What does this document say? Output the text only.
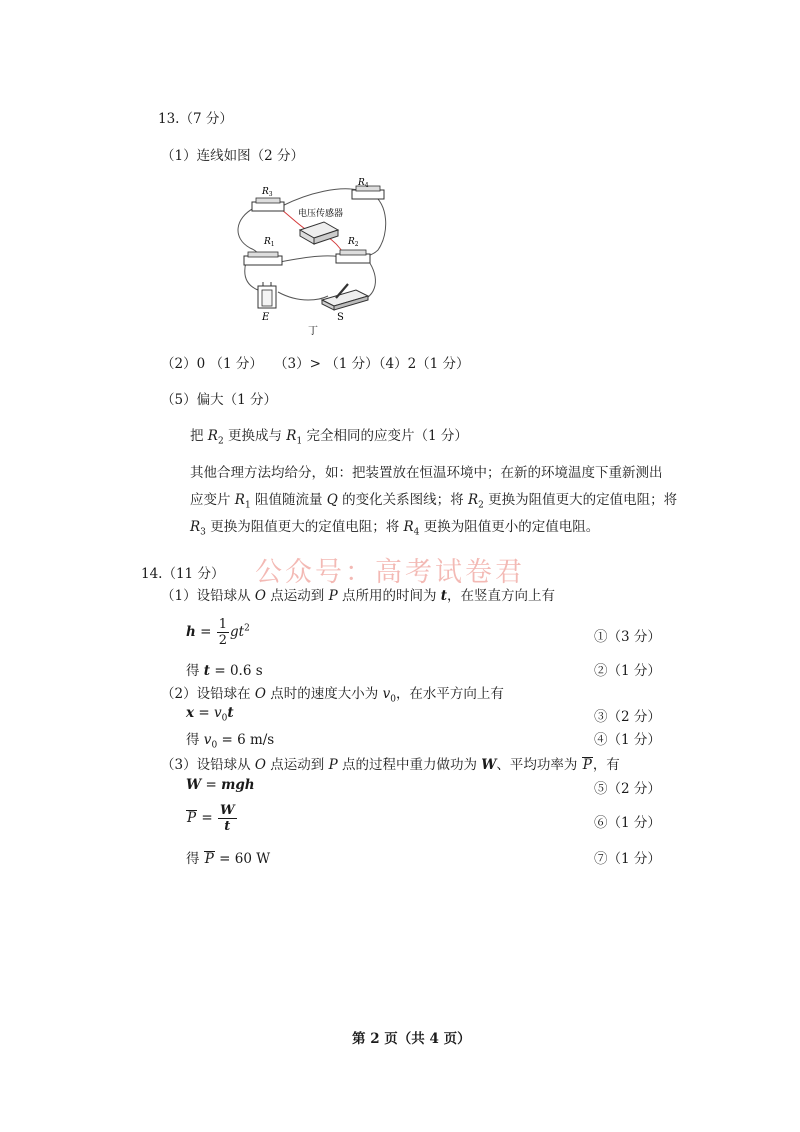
13.（7 分）
（1）连线如图（2 分）
$R_3$
$R_4$
电压传感器
$R_1$	$R_2$
E	S
丁
（2）0 （1 分） （3）> （1 分）
（4）2（1 分）
（5）偏大（1 分）
把 $R_2$ 更换成与 $R_1$ 完全相同的应变片（1 分）
其他合理方法均给分，如：把装置放在恒温环境中；在新的环境温度下重新测出
应变片 $R_1$ 阻值随流量 Q 的变化关系图线；将 $R_2$ 更换为阻值更大的定值电阻；将
$R_3$ 更换为阻值更大的定值电阻；将 $R_4$ 更换为阻值更小的定值电阻。
公众号：高考试卷君
14.（11 分）
（1）设铅球从 O 点运动到 P 点所用的时间为 t，在竖直方向上有
$h = \frac{1}{2} gt^2$
①（3 分）
得 t = 0.6 s	②（1 分）
（2）设铅球在 O 点时的速度大小为 $v_0$，在水平方向上有
$x = v_0t$	③（2 分）
得 $v_0 = 6$ m/s	④（1 分）
（3）设铅球从 O 点运动到 P 点的过程中重力做功为 W、平均功率为 P，有
W = mgh	⑤（2 分）
$P = \frac{W}{t}$	⑥（1 分）
得 P = 60 W	⑦（1 分）
第 2 页（共 4 页）
